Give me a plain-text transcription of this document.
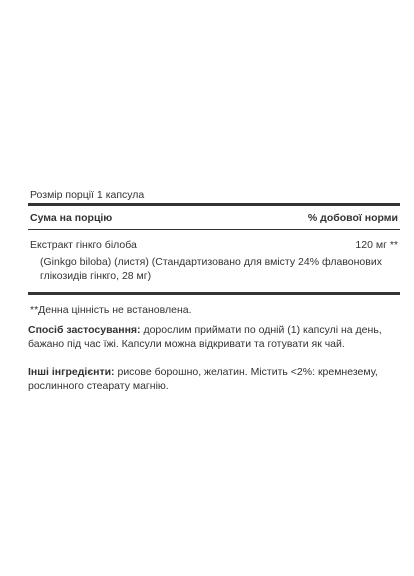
Розмір порції 1 капсула
Сума на порцію	% добової норми
Екстракт гінкго білоба	120 мг **
(Ginkgo biloba) (листя) (Стандартизовано для вмісту 24% флавонових глікозидів гінкго, 28 мг)
**Денна цінність не встановлена.
Спосіб застосування: дорослим приймати по одній (1) капсулі на день, бажано під час їжі. Капсули можна відкривати та готувати як чай.
Інші інгредієнти: рисове борошно, желатин. Містить <2%: кремнезему, рослинного стеарату магнію.
